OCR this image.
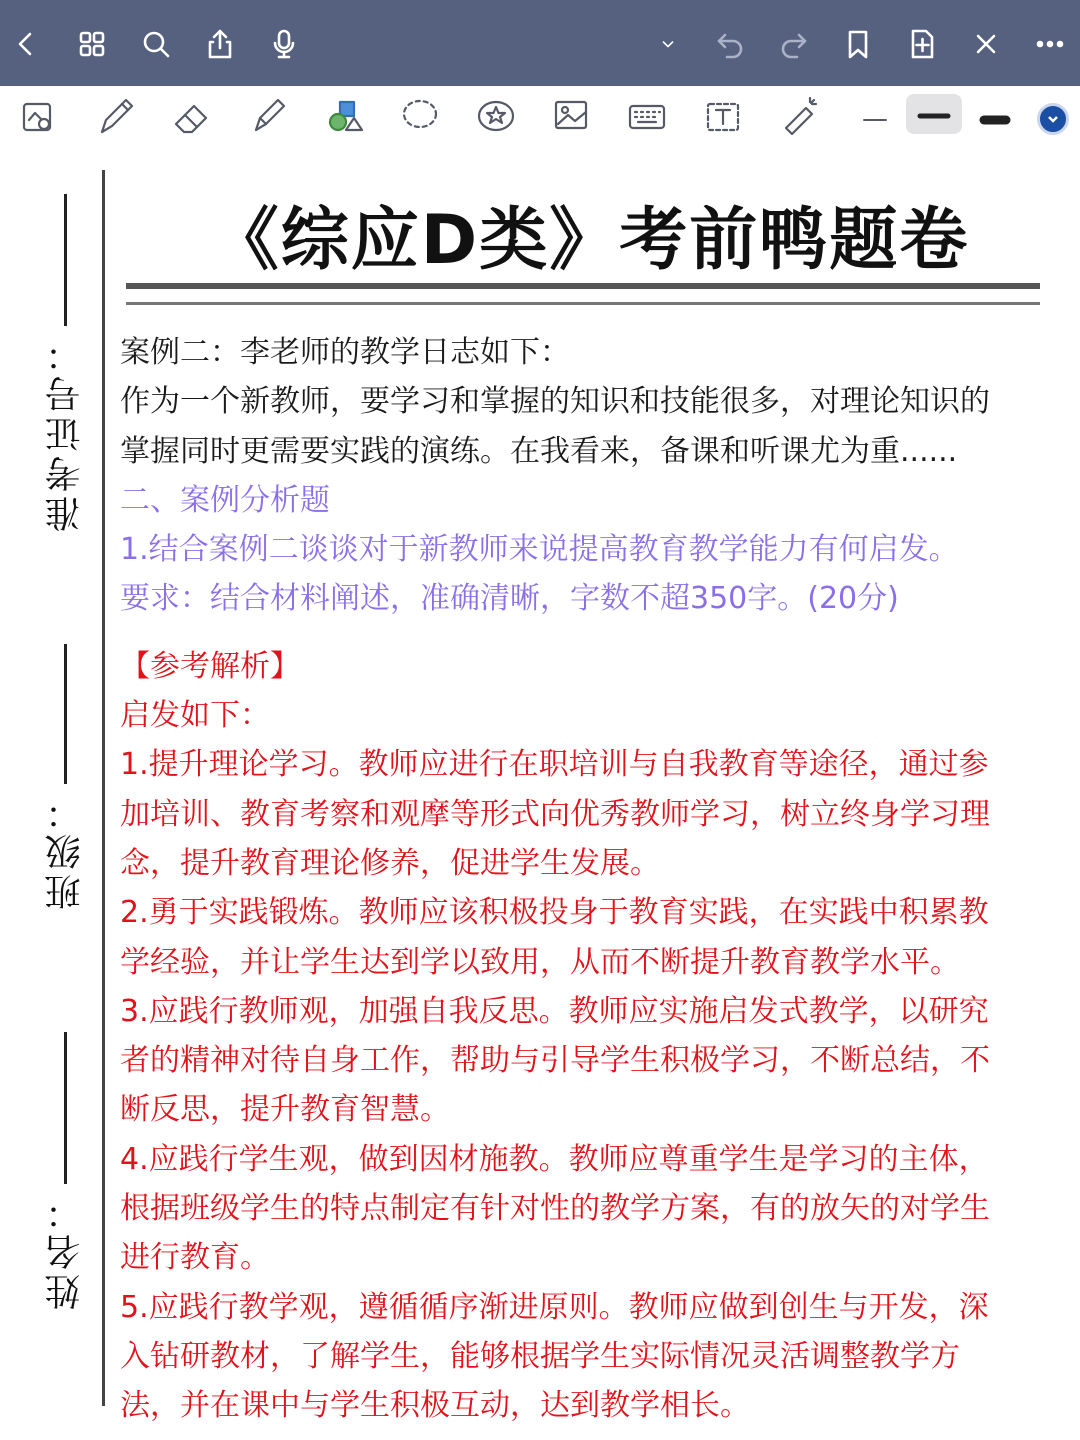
准考证号：
班级：
姓名：
《综应D类》考前鸭题卷

案例二：李老师的教学日志如下：

作为一个新教师，要学习和掌握的知识和技能很多，对理论知识的

掌握同时更需要实践的演练。在我看来，备课和听课尤为重......

二、案例分析题

1.结合案例二谈谈对于新教师来说提高教育教学能力有何启发。

要求：结合材料阐述，准确清晰，字数不超350字。(20分)

【参考解析】

启发如下：

1.提升理论学习。教师应进行在职培训与自我教育等途径，通过参

加培训、教育考察和观摩等形式向优秀教师学习，树立终身学习理

念，提升教育理论修养，促进学生发展。

2.勇于实践锻炼。教师应该积极投身于教育实践，在实践中积累教

学经验，并让学生达到学以致用，从而不断提升教育教学水平。

3.应践行教师观，加强自我反思。教师应实施启发式教学，以研究

者的精神对待自身工作，帮助与引导学生积极学习，不断总结，不

断反思，提升教育智慧。

4.应践行学生观，做到因材施教。教师应尊重学生是学习的主体，

根据班级学生的特点制定有针对性的教学方案，有的放矢的对学生

进行教育。

5.应践行教学观，遵循循序渐进原则。教师应做到创生与开发，深

入钻研教材，了解学生，能够根据学生实际情况灵活调整教学方

法，并在课中与学生积极互动，达到教学相长。
